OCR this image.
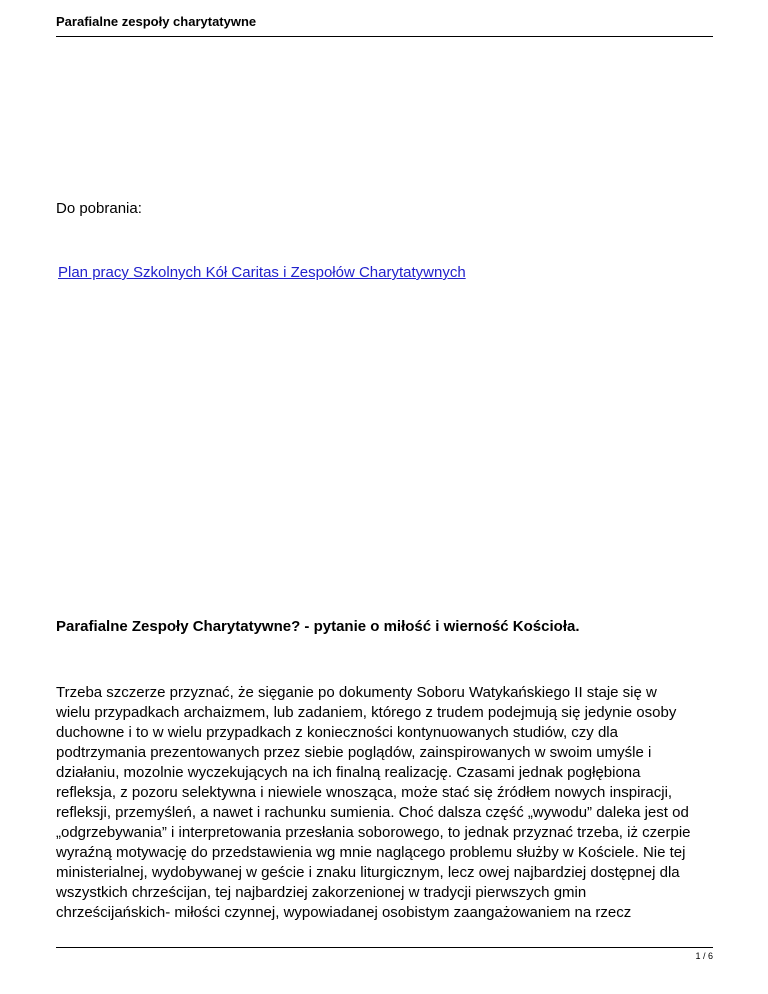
Parafialne zespoły charytatywne
Do pobrania:
Plan pracy Szkolnych Kół Caritas i Zespołów Charytatywnych
Parafialne Zespoły Charytatywne? - pytanie o miłość i wierność Kościoła.
Trzeba szczerze przyznać, że sięganie po dokumenty Soboru Watykańskiego II staje się w
wielu przypadkach archaizmem, lub zadaniem, którego z trudem podejmują się jedynie osoby
duchowne i to w wielu przypadkach z konieczności kontynuowanych studiów, czy dla
podtrzymania prezentowanych przez siebie poglądów, zainspirowanych w swoim umyśle i
działaniu, mozolnie wyczekujących na ich finalną realizację. Czasami jednak pogłębiona
refleksja, z pozoru selektywna i niewiele wnosząca, może stać się źródłem nowych inspiracji,
refleksji, przemyśleń, a nawet i rachunku sumienia. Choć dalsza część „wywodu” daleka jest od
„odgrzebywania” i interpretowania przesłania soborowego, to jednak przyznać trzeba, iż czerpie
wyraźną motywację do przedstawienia wg mnie naglącego problemu służby w Kościele. Nie tej
ministerialnej, wydobywanej w geście i znaku liturgicznym, lecz owej najbardziej dostępnej dla
wszystkich chrześcijan, tej najbardziej zakorzenionej w tradycji pierwszych gmin
chrześcijańskich- miłości czynnej, wypowiadanej osobistym zaangażowaniem na rzecz
1 / 6
